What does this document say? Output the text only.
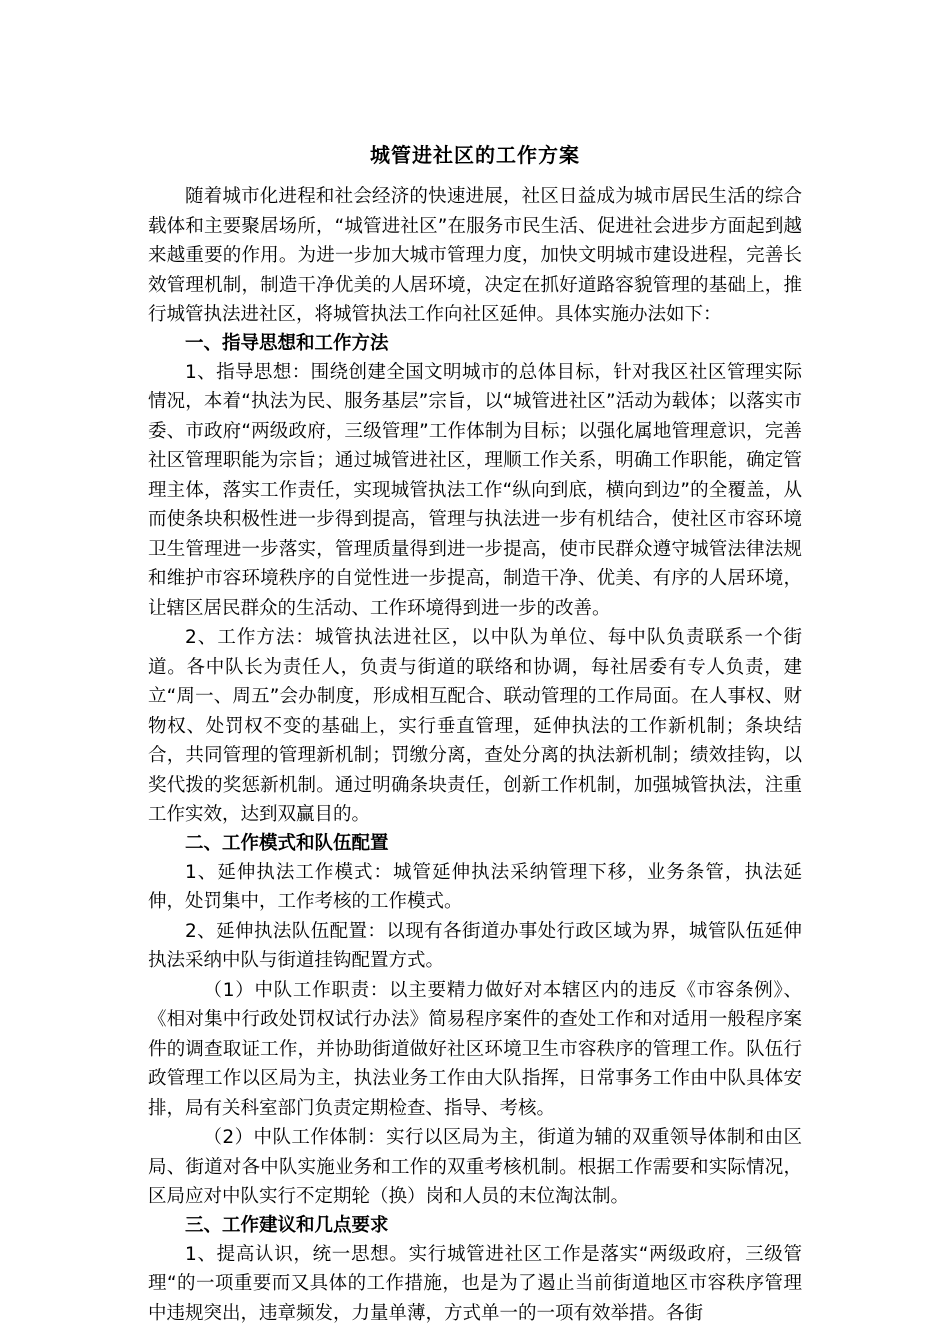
城管进社区的工作方案

随着城市化进程和社会经济的快速进展，社区日益成为城市居民生活的综合载体和主要聚居场所，“城管进社区”在服务市民生活、促进社会进步方面起到越来越重要的作用。为进一步加大城市管理力度，加快文明城市建设进程，完善长效管理机制，制造干净优美的人居环境，决定在抓好道路容貌管理的基础上，推行城管执法进社区，将城管执法工作向社区延伸。具体实施办法如下：

一、指导思想和工作方法

1、指导思想：围绕创建全国文明城市的总体目标，针对我区社区管理实际情况，本着“执法为民、服务基层”宗旨，以“城管进社区”活动为载体；以落实市委、市政府“两级政府，三级管理”工作体制为目标；以强化属地管理意识，完善社区管理职能为宗旨；通过城管进社区，理顺工作关系，明确工作职能，确定管理主体，落实工作责任，实现城管执法工作“纵向到底，横向到边”的全覆盖，从而使条块积极性进一步得到提高，管理与执法进一步有机结合，使社区市容环境卫生管理进一步落实，管理质量得到进一步提高，使市民群众遵守城管法律法规和维护市容环境秩序的自觉性进一步提高，制造干净、优美、有序的人居环境，让辖区居民群众的生活动、工作环境得到进一步的改善。

2、工作方法：城管执法进社区，以中队为单位、每中队负责联系一个街道。各中队长为责任人，负责与街道的联络和协调，每社居委有专人负责，建立“周一、周五”会办制度，形成相互配合、联动管理的工作局面。在人事权、财物权、处罚权不变的基础上，实行垂直管理，延伸执法的工作新机制；条块结合，共同管理的管理新机制；罚缴分离，查处分离的执法新机制；绩效挂钩，以奖代拨的奖惩新机制。通过明确条块责任，创新工作机制，加强城管执法，注重工作实效，达到双赢目的。

二、工作模式和队伍配置

1、延伸执法工作模式：城管延伸执法采纳管理下移，业务条管，执法延伸，处罚集中，工作考核的工作模式。

2、延伸执法队伍配置：以现有各街道办事处行政区域为界，城管队伍延伸执法采纳中队与街道挂钩配置方式。

（1）中队工作职责：以主要精力做好对本辖区内的违反《市容条例》、《相对集中行政处罚权试行办法》简易程序案件的查处工作和对适用一般程序案件的调查取证工作，并协助街道做好社区环境卫生市容秩序的管理工作。队伍行政管理工作以区局为主，执法业务工作由大队指挥，日常事务工作由中队具体安排，局有关科室部门负责定期检查、指导、考核。

（2）中队工作体制：实行以区局为主，街道为辅的双重领导体制和由区局、街道对各中队实施业务和工作的双重考核机制。根据工作需要和实际情况，区局应对中队实行不定期轮（换）岗和人员的末位淘汰制。

三、工作建议和几点要求

1、提高认识，统一思想。实行城管进社区工作是落实“两级政府，三级管理“的一项重要而又具体的工作措施，也是为了遏止当前街道地区市容秩序管理中违规突出，违章频发，力量单薄，方式单一的一项有效举措。各街
